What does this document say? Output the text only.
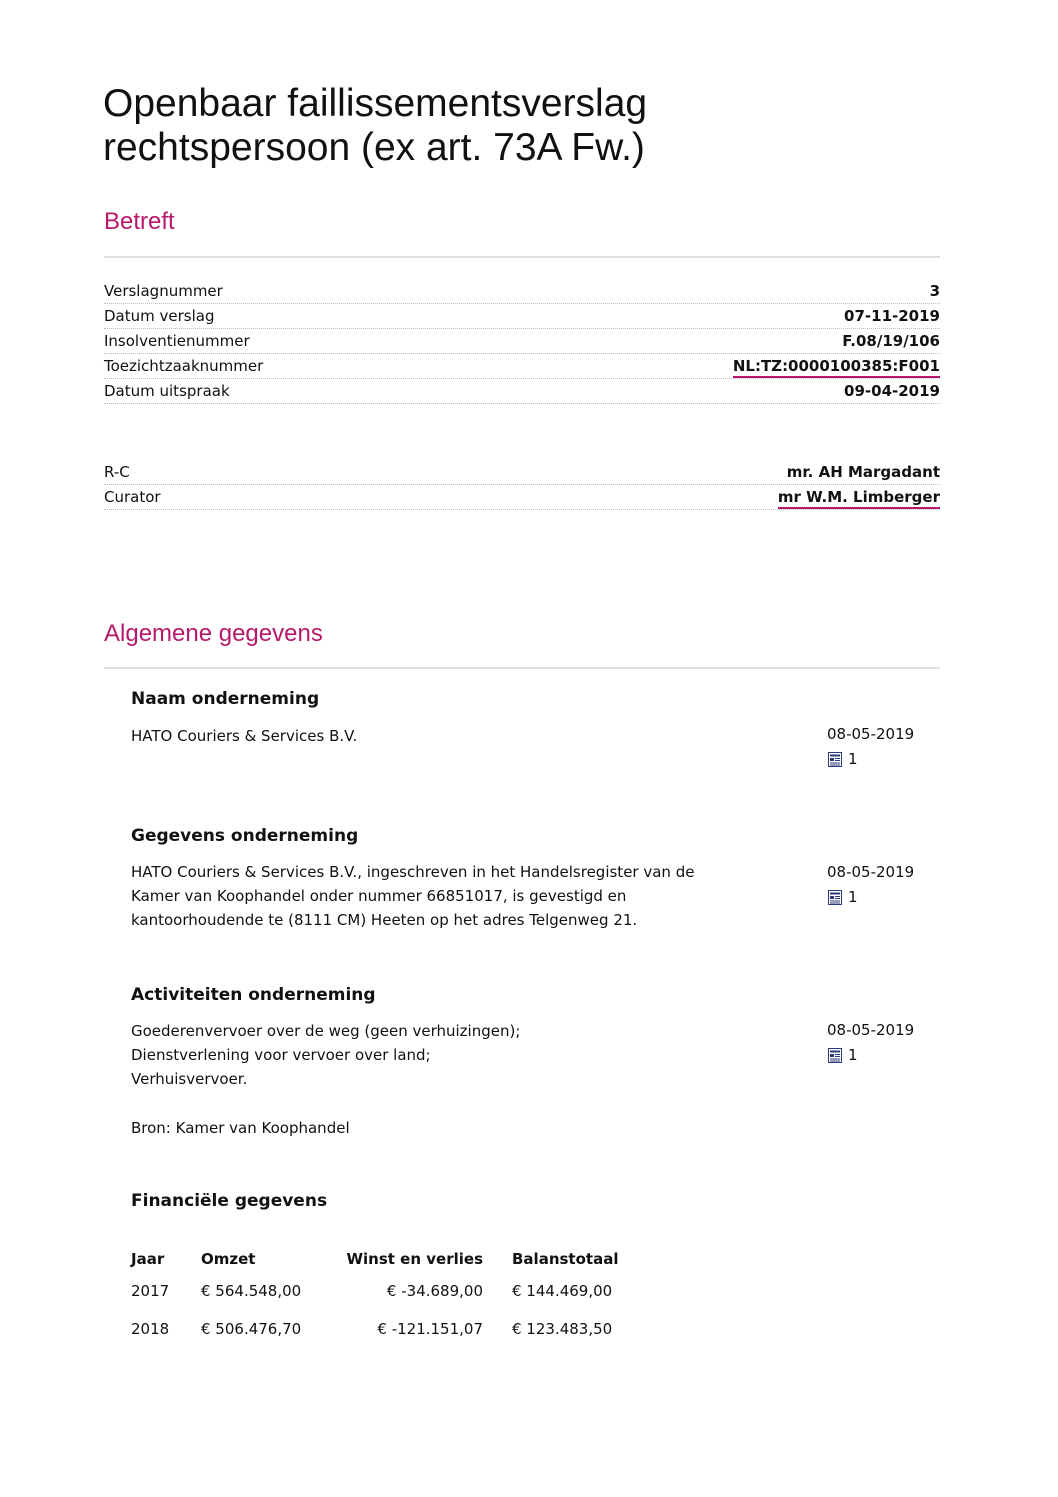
Openbaar faillissementsverslag
rechtspersoon (ex art. 73A Fw.)
Betreft
Verslagnummer	3
Datum verslag	07-11-2019
Insolventienummer	F.08/19/106
Toezichtzaaknummer	NL:TZ:0000100385:F001
Datum uitspraak	09-04-2019
R-C	mr. AH Margadant
Curator	mr W.M. Limberger
Algemene gegevens
Naam onderneming

HATO Couriers & Services B.V.	08-05-2019
1
Gegevens onderneming

HATO Couriers & Services B.V., ingeschreven in het Handelsregister van de
Kamer van Koophandel onder nummer 66851017, is gevestigd en
kantoorhoudende te (8111 CM) Heeten op het adres Telgenweg 21.

08-05-2019
1
Activiteiten onderneming

Goederenvervoer over de weg (geen verhuizingen);
Dienstverlening voor vervoer over land;
Verhuisvervoer.

Bron: Kamer van Koophandel

08-05-2019
1
Financiële gegevens
Jaar	Omzet	Winst en verlies	Balanstotaal
2017	€ 564.548,00	€ -34.689,00	€ 144.469,00
2018	€ 506.476,70	€ -121.151,07	€ 123.483,50
